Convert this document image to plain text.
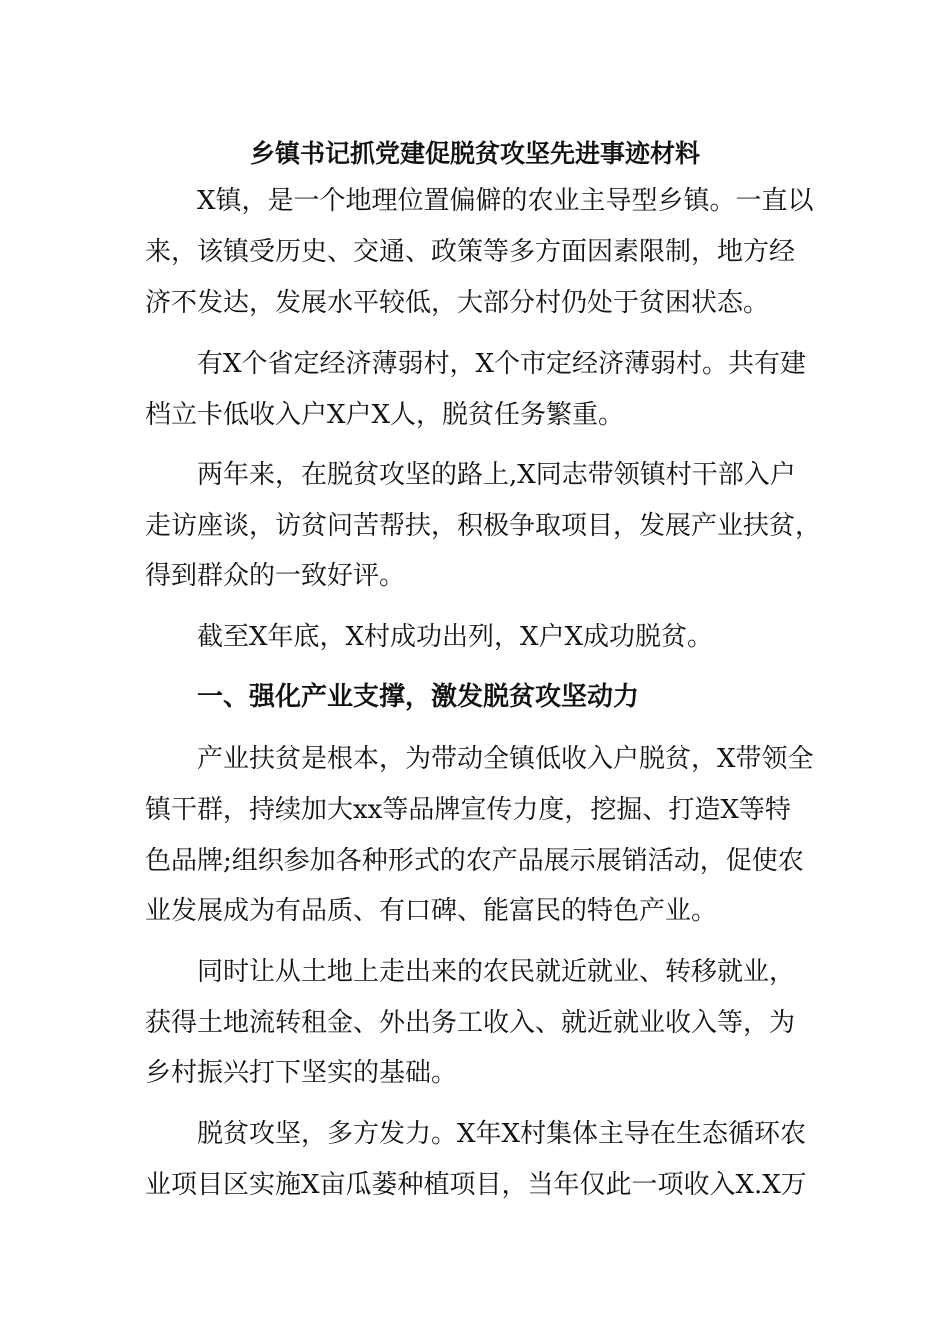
乡镇书记抓党建促脱贫攻坚先进事迹材料

X镇，是一个地理位置偏僻的农业主导型乡镇。一直以

来，该镇受历史、交通、政策等多方面因素限制，地方经

济不发达，发展水平较低，大部分村仍处于贫困状态。

有X个省定经济薄弱村，X个市定经济薄弱村。共有建

档立卡低收入户X户X人，脱贫任务繁重。

两年来，在脱贫攻坚的路上,X同志带领镇村干部入户

走访座谈，访贫问苦帮扶，积极争取项目，发展产业扶贫，

得到群众的一致好评。

截至X年底，X村成功出列，X户X成功脱贫。

一、强化产业支撑，激发脱贫攻坚动力

产业扶贫是根本，为带动全镇低收入户脱贫，X带领全

镇干群，持续加大xx等品牌宣传力度，挖掘、打造X等特

色品牌;组织参加各种形式的农产品展示展销活动，促使农

业发展成为有品质、有口碑、能富民的特色产业。

同时让从土地上走出来的农民就近就业、转移就业，

获得土地流转租金、外出务工收入、就近就业收入等，为

乡村振兴打下坚实的基础。

脱贫攻坚，多方发力。X年X村集体主导在生态循环农

业项目区实施X亩瓜蒌种植项目，当年仅此一项收入X.X万
